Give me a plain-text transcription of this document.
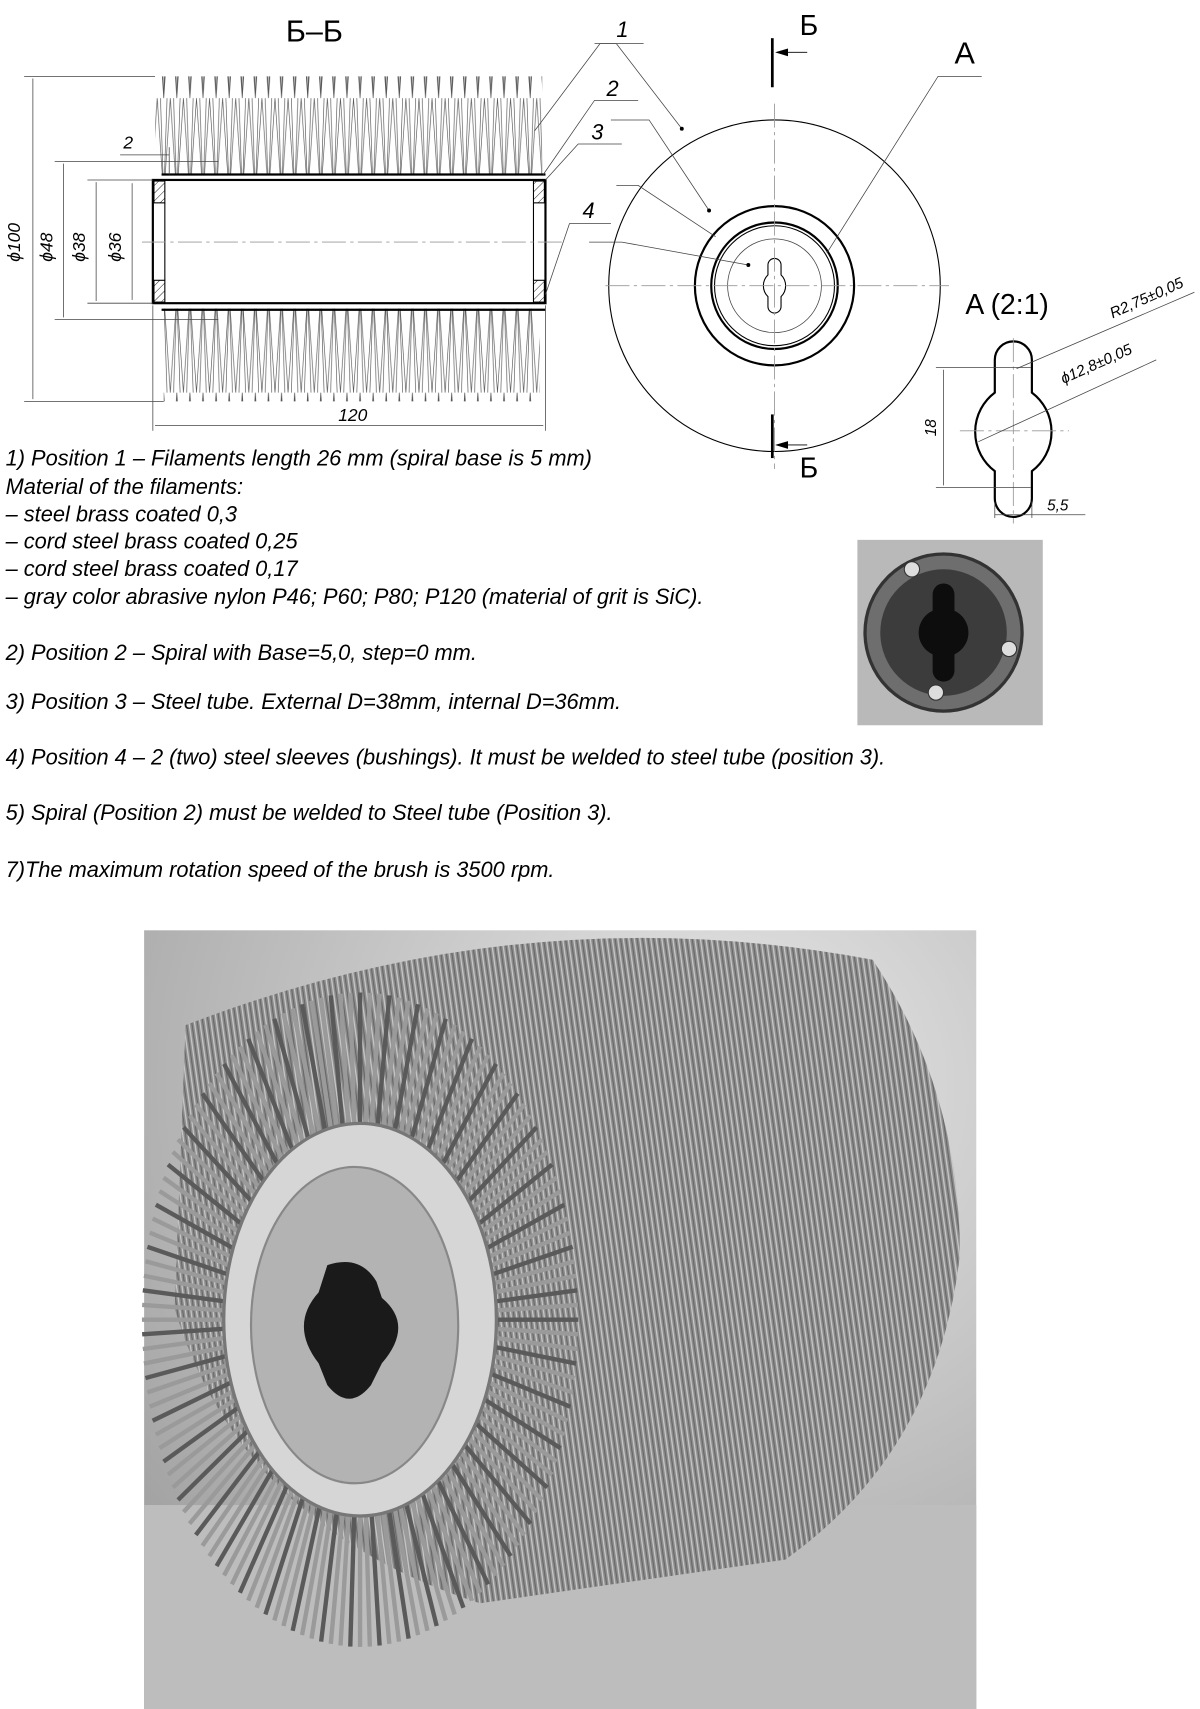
Б–Б
ϕ100 ϕ48 ϕ38 ϕ36
120
2
1
2
3
4
Б
Б
A
A (2:1)
18
ϕ12,8±0,05
R2,75±0,05
5,5
1) Position 1 – Filaments length 26 mm (spiral base is 5 mm)
Material of the filaments:
– steel brass coated 0,3
– cord steel brass coated 0,25
– cord steel brass coated 0,17
– gray color abrasive nylon P46; P60; P80; P120 (material of grit is SiC).
2) Position 2 – Spiral with Base=5,0, step=0 mm.
3) Position 3 – Steel tube. External D=38mm, internal D=36mm.
4) Position 4 – 2 (two) steel sleeves (bushings). It must be welded to steel tube (position 3).
5) Spiral (Position 2) must be welded to Steel tube (Position 3).
7)The maximum rotation speed of the brush is 3500 rpm.
